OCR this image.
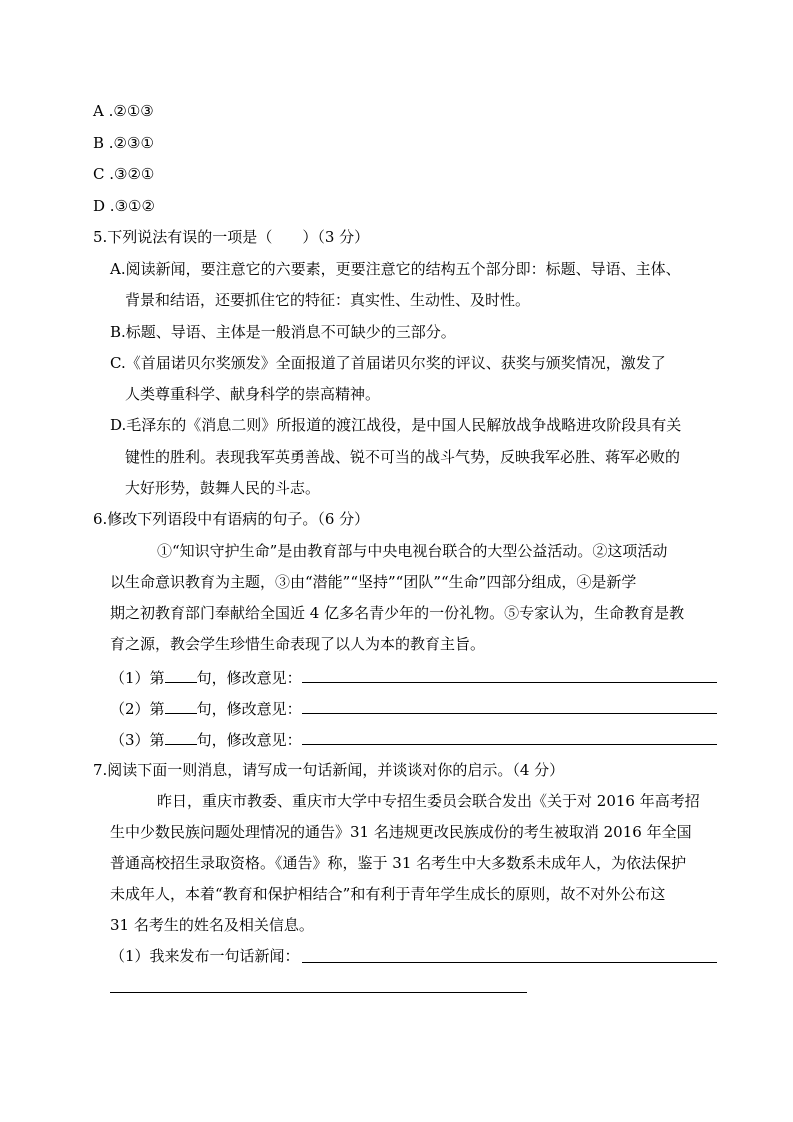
A .②①③
B .②③①
C .③②①
D .③①②
5.下列说法有误的一项是（　　）（3 分）
A.阅读新闻，要注意它的六要素，更要注意它的结构五个部分即：标题、导语、主体、
背景和结语，还要抓住它的特征：真实性、生动性、及时性。
B.标题、导语、主体是一般消息不可缺少的三部分。
C.《首届诺贝尔奖颁发》全面报道了首届诺贝尔奖的评议、获奖与颁奖情况，激发了
人类尊重科学、献身科学的崇高精神。
D.毛泽东的《消息二则》所报道的渡江战役，是中国人民解放战争战略进攻阶段具有关
键性的胜利。表现我军英勇善战、锐不可当的战斗气势，反映我军必胜、蒋军必败的
大好形势，鼓舞人民的斗志。
6.修改下列语段中有语病的句子。（6 分）
①“知识守护生命”是由教育部与中央电视台联合的大型公益活动。②这项活动
以生命意识教育为主题，③由“潜能”“坚持”“团队”“生命”四部分组成，④是新学
期之初教育部门奉献给全国近 4 亿多名青少年的一份礼物。⑤专家认为，生命教育是教
育之源，教会学生珍惜生命表现了以人为本的教育主旨。
（1）第 句，修改意见：
（2）第 句，修改意见：
（3）第 句，修改意见：
7.阅读下面一则消息，请写成一句话新闻，并谈谈对你的启示。（4 分）
昨日，重庆市教委、重庆市大学中专招生委员会联合发出《关于对 2016 年高考招
生中少数民族问题处理情况的通告》31 名违规更改民族成份的考生被取消 2016 年全国
普通高校招生录取资格。《通告》称，鉴于 31 名考生中大多数系未成年人，为依法保护
未成年人，本着“教育和保护相结合”和有利于青年学生成长的原则，故不对外公布这
31 名考生的姓名及相关信息。
（1）我来发布一句话新闻：
